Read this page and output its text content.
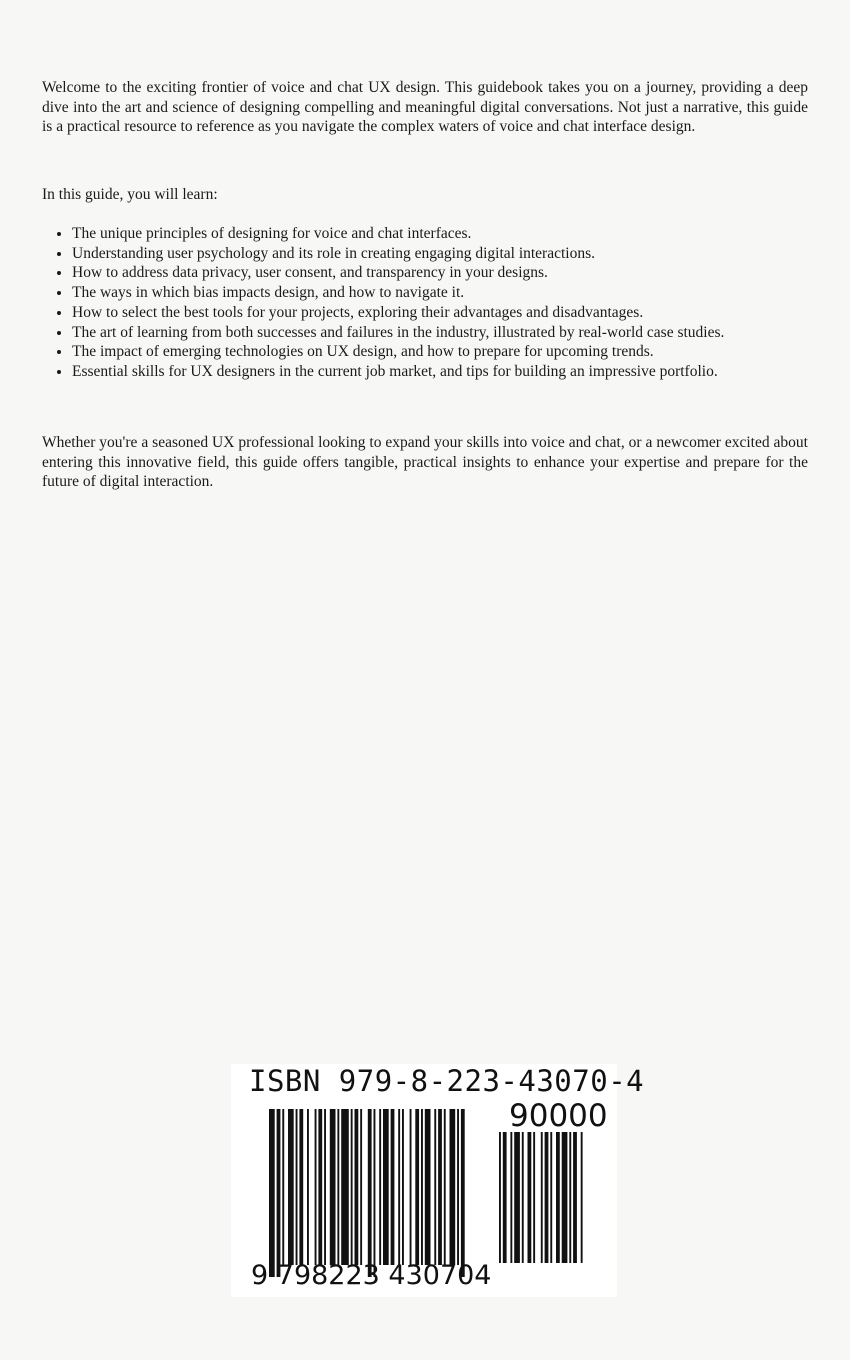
Welcome to the exciting frontier of voice and chat UX design. This guidebook takes you on a journey, providing a deep dive into the art and science of designing compelling and meaningful digital conversations. Not just a narrative, this guide is a practical resource to reference as you navigate the complex waters of voice and chat interface design.

In this guide, you will learn:

• The unique principles of designing for voice and chat interfaces.
• Understanding user psychology and its role in creating engaging digital interactions.
• How to address data privacy, user consent, and transparency in your designs.
• The ways in which bias impacts design, and how to navigate it.
• How to select the best tools for your projects, exploring their advantages and disadvantages.
• The art of learning from both successes and failures in the industry, illustrated by real-world case studies.
• The impact of emerging technologies on UX design, and how to prepare for upcoming trends.
• Essential skills for UX designers in the current job market, and tips for building an impressive portfolio.

Whether you're a seasoned UX professional looking to expand your skills into voice and chat, or a newcomer excited about entering this innovative field, this guide offers tangible, practical insights to enhance your expertise and prepare for the future of digital interaction.

ISBN 979-8-223-43070-4
90000
9 798223 430704
